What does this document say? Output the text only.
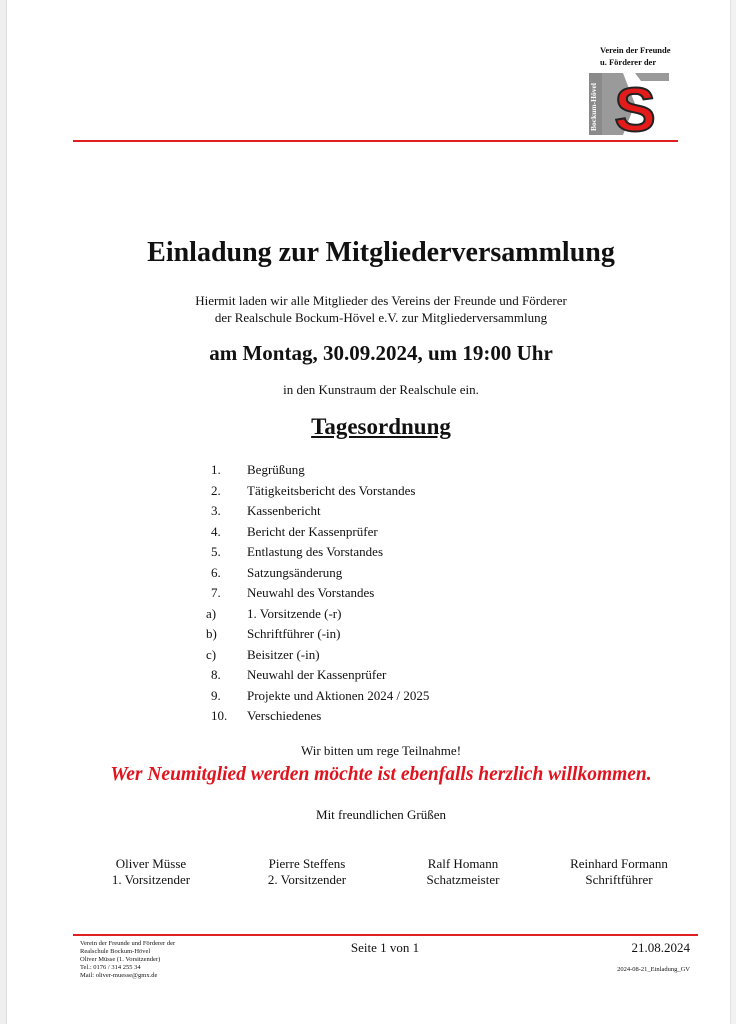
Verein der Freunde
u. Förderer der
Bockum-Hövel S
Einladung zur Mitgliederversammlung
Hiermit laden wir alle Mitglieder des Vereins der Freunde und Förderer
der Realschule Bockum-Hövel e.V. zur Mitgliederversammlung
am Montag, 30.09.2024, um 19:00 Uhr
in den Kunstraum der Realschule ein.
Tagesordnung
1.	Begrüßung
2.	Tätigkeitsbericht des Vorstandes
3.	Kassenbericht
4.	Bericht der Kassenprüfer
5.	Entlastung des Vorstandes
6.	Satzungsänderung
7.	Neuwahl des Vorstandes
a)	1. Vorsitzende (-r)
b)	Schriftführer (-in)
c)	Beisitzer (-in)
8.	Neuwahl der Kassenprüfer
9.	Projekte und Aktionen 2024 / 2025
10.	Verschiedenes
Wir bitten um rege Teilnahme!
Wer Neumitglied werden möchte ist ebenfalls herzlich willkommen.
Mit freundlichen Grüßen
Oliver Müsse
1. Vorsitzender
Pierre Steffens
2. Vorsitzender
Ralf Homann
Schatzmeister
Reinhard Formann
Schriftführer
Verein der Freunde und Förderer der
Realschule Bockum-Hövel
Oliver Müsse (1. Vorsitzender)
Tel.: 0176 / 314 255 34
Mail: oliver-muesse@gmx.de
Seite 1 von 1	21.08.2024
2024-08-21_Einladung_GV
